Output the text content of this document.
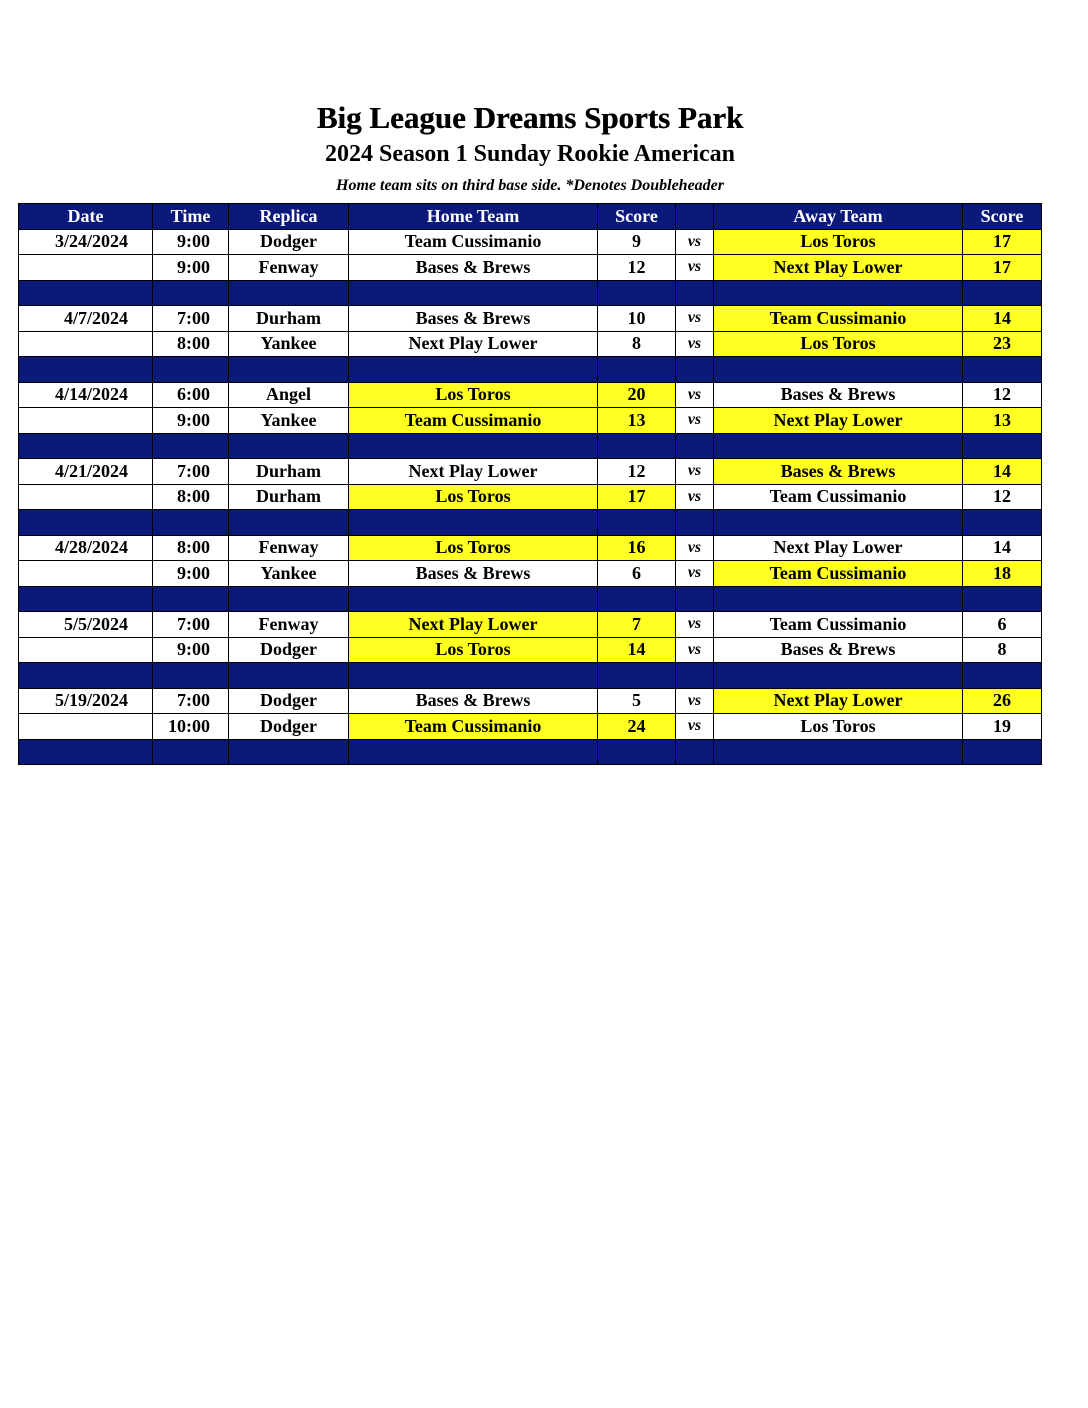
Big League Dreams Sports Park
2024 Season 1 Sunday Rookie American
Home team sits on third base side. *Denotes Doubleheader
Date	Time	Replica	Home Team	Score		Away Team	Score
3/24/2024	9:00	Dodger	Team Cussimanio	9	vs	Los Toros	17
	9:00	Fenway	Bases & Brews	12	vs	Next Play Lower	17

4/7/2024	7:00	Durham	Bases & Brews	10	vs	Team Cussimanio	14
	8:00	Yankee	Next Play Lower	8	vs	Los Toros	23

4/14/2024	6:00	Angel	Los Toros	20	vs	Bases & Brews	12
	9:00	Yankee	Team Cussimanio	13	vs	Next Play Lower	13

4/21/2024	7:00	Durham	Next Play Lower	12	vs	Bases & Brews	14
	8:00	Durham	Los Toros	17	vs	Team Cussimanio	12

4/28/2024	8:00	Fenway	Los Toros	16	vs	Next Play Lower	14
	9:00	Yankee	Bases & Brews	6	vs	Team Cussimanio	18

5/5/2024	7:00	Fenway	Next Play Lower	7	vs	Team Cussimanio	6
	9:00	Dodger	Los Toros	14	vs	Bases & Brews	8

5/19/2024	7:00	Dodger	Bases & Brews	5	vs	Next Play Lower	26
	10:00	Dodger	Team Cussimanio	24	vs	Los Toros	19
